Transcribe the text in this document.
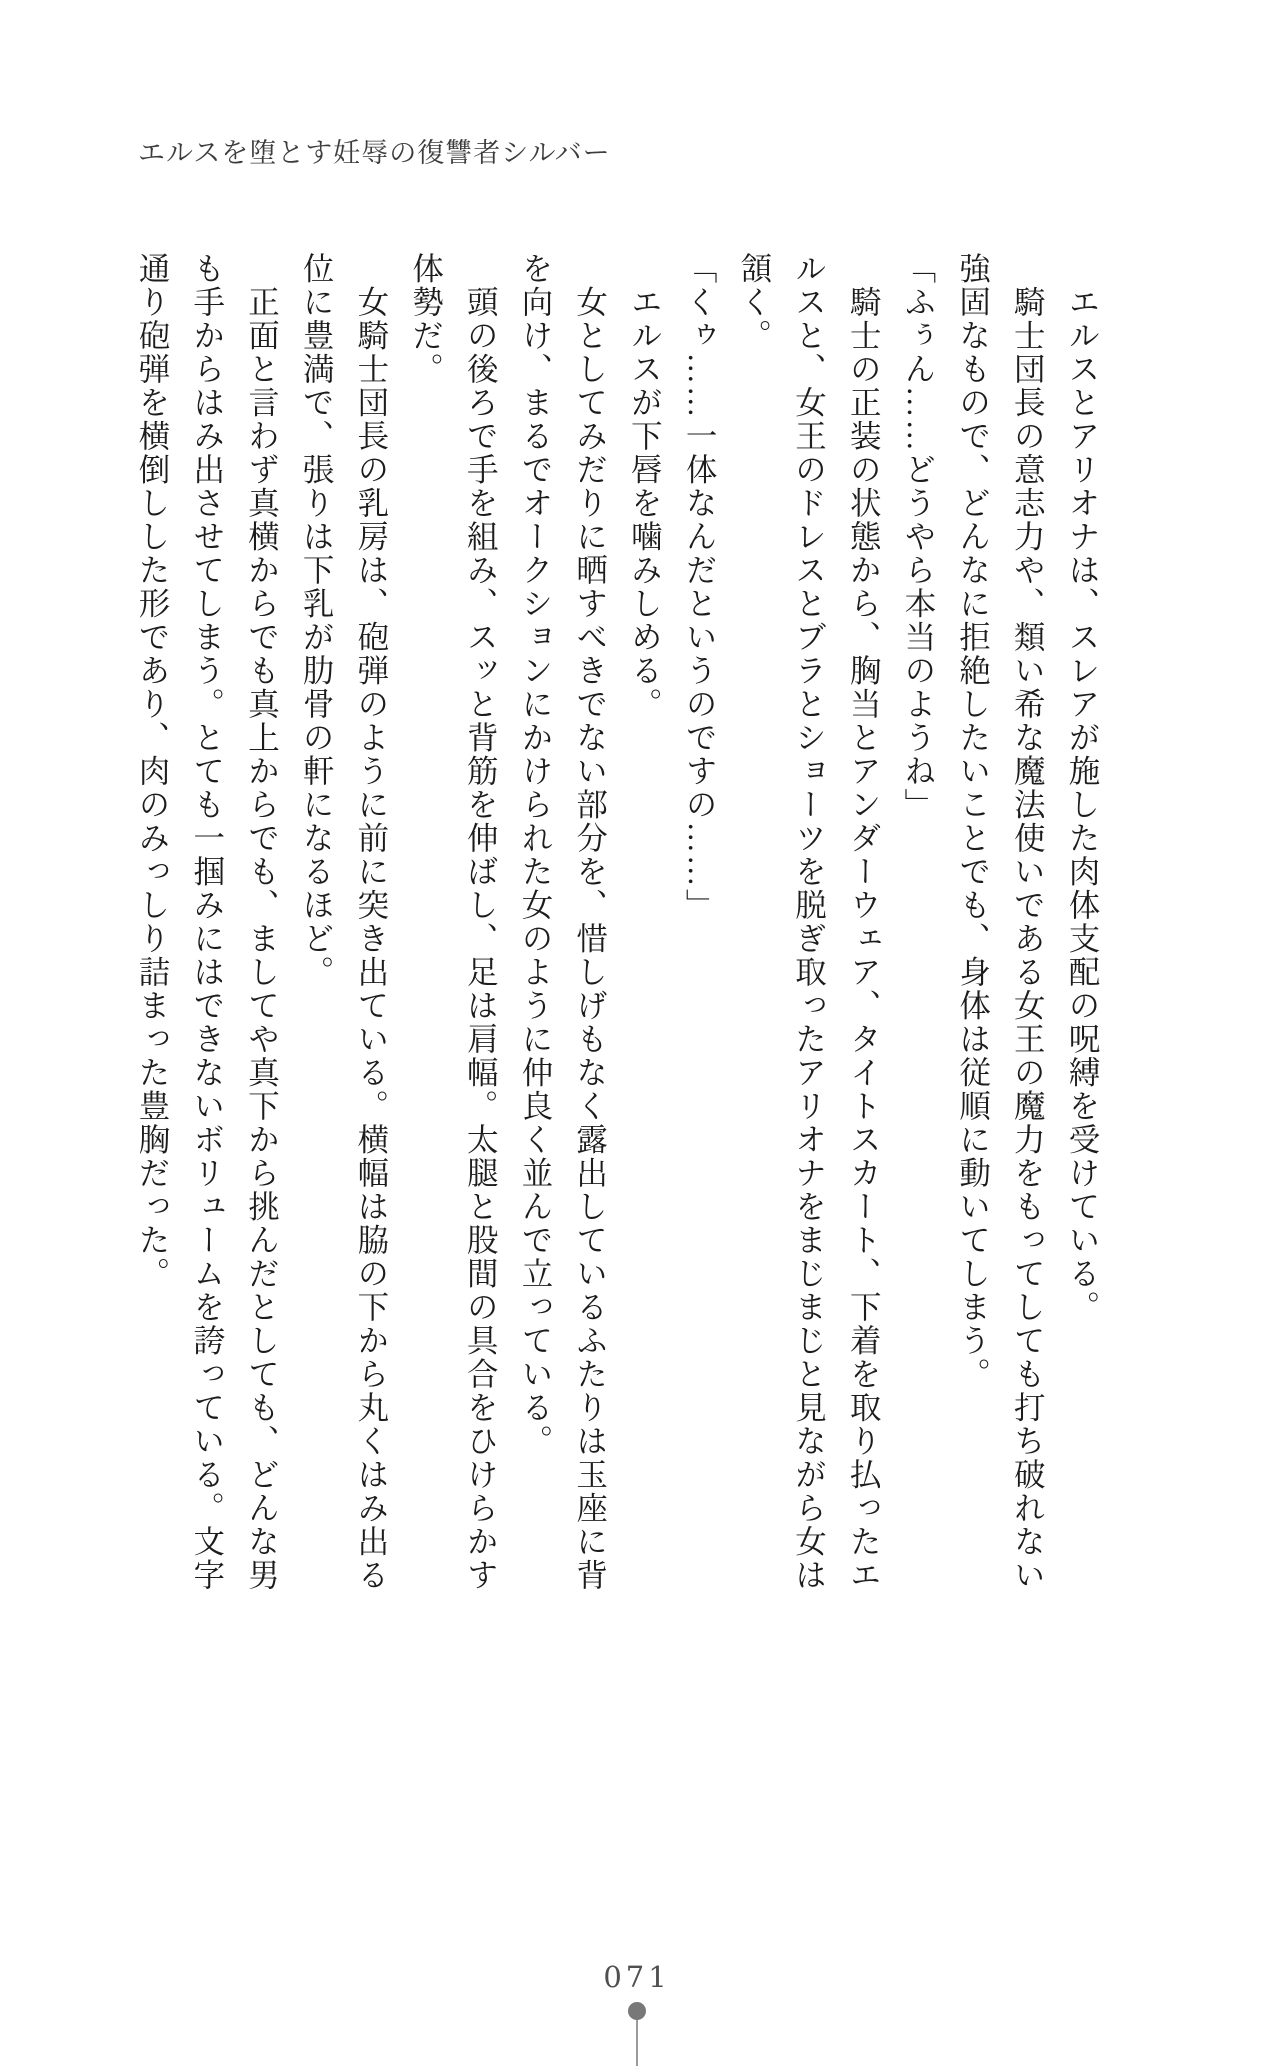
エルスを堕とす妊辱の復讐者シルバー

　エルスとアリオナは、スレアが施した肉体支配の呪縛を受けている。

　騎士団長の意志力や、類い希な魔法使いである女王の魔力をもってしても打ち破れない強固なもので、どんなに拒絶したいことでも、身体は従順に動いてしまう。

「ふぅん……どうやら本当のようね」

　騎士の正装の状態から、胸当とアンダーウェア、タイトスカート、下着を取り払ったエルスと、女王のドレスとブラとショーツを脱ぎ取ったアリオナをまじまじと見ながら女は頷く。

「くゥ……一体なんだというのですの……」

　エルスが下唇を噛みしめる。

　女としてみだりに晒すべきでない部分を、惜しげもなく露出しているふたりは玉座に背を向け、まるでオークションにかけられた女のように仲良く並んで立っている。

　頭の後ろで手を組み、スッと背筋を伸ばし、足は肩幅。太腿と股間の具合をひけらかす体勢だ。

　女騎士団長の乳房は、砲弾のように前に突き出ている。横幅は脇の下から丸くはみ出る位に豊満で、張りは下乳が肋骨の軒になるほど。

　正面と言わず真横からでも真上からでも、ましてや真下から挑んだとしても、どんな男も手からはみ出させてしまう。とても一掴みにはできないボリュームを誇っている。文字通り砲弾を横倒しした形であり、肉のみっしり詰まった豊胸だった。

071
